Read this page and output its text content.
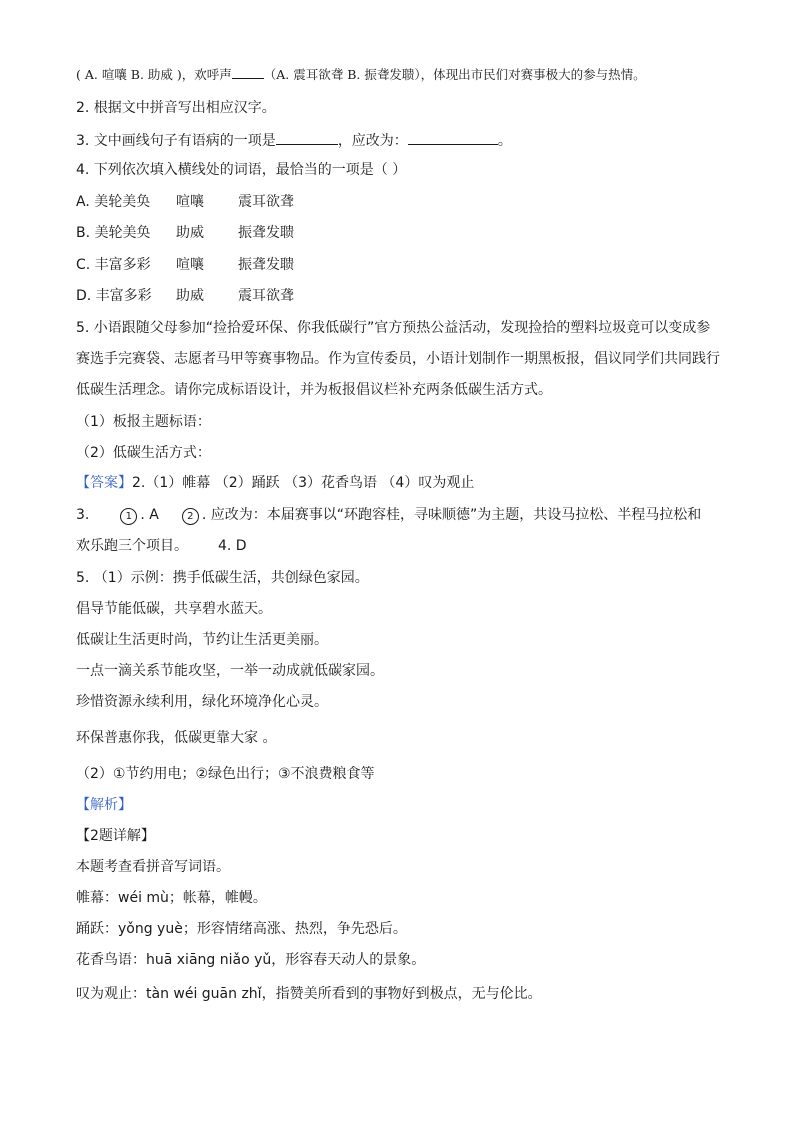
( A. 喧嚷 B. 助威 )，欢呼声	（A. 震耳欲聋 B. 振聋发聩），体现出市民们对赛事极大的参与热情。
2. 根据文中拼音写出相应汉字。
3. 文中画线句子有语病的一项是	，应改为：	。
4. 下列依次填入横线处的词语，最恰当的一项是（ ）
A. 美轮美奂 喧嚷 震耳欲聋
B. 美轮美奂 助威 振聋发聩
C. 丰富多彩 喧嚷 振聋发聩
D. 丰富多彩 助威 震耳欲聋
5. 小语跟随父母参加“捡拾爱环保、你我低碳行”官方预热公益活动，发现捡拾的塑料垃圾竟可以变成参
赛选手完赛袋、志愿者马甲等赛事物品。作为宣传委员，小语计划制作一期黑板报，倡议同学们共同践行
低碳生活理念。请你完成标语设计，并为板报倡议栏补充两条低碳生活方式。
（1）板报主题标语：
（2）低碳生活方式：
【答案】2.（1）帷幕 （2）踊跃 （3）花香鸟语 （4）叹为观止
3.	1 . A	2 . 应改为：本届赛事以“环跑容桂，寻味顺德”为主题，共设马拉松、半程马拉松和
欢乐跑三个项目。 4. D
5. （1）示例：携手低碳生活，共创绿色家园。
倡导节能低碳，共享碧水蓝天。
低碳让生活更时尚，节约让生活更美丽。
一点一滴关系节能攻坚，一举一动成就低碳家园。
珍惜资源永续利用，绿化环境净化心灵。
环保普惠你我，低碳更靠大家 。
（2）①节约用电；②绿色出行；③不浪费粮食等
【解析】
【2题详解】
本题考查看拼音写词语。
帷幕：wéi mù；帐幕，帷幔。
踊跃：yǒng yuè；形容情绪高涨、热烈，争先恐后。
花香鸟语：huā xiāng niǎo yǔ，形容春天动人的景象。
叹为观止：tàn wéi guān zhǐ，指赞美所看到的事物好到极点，无与伦比。
